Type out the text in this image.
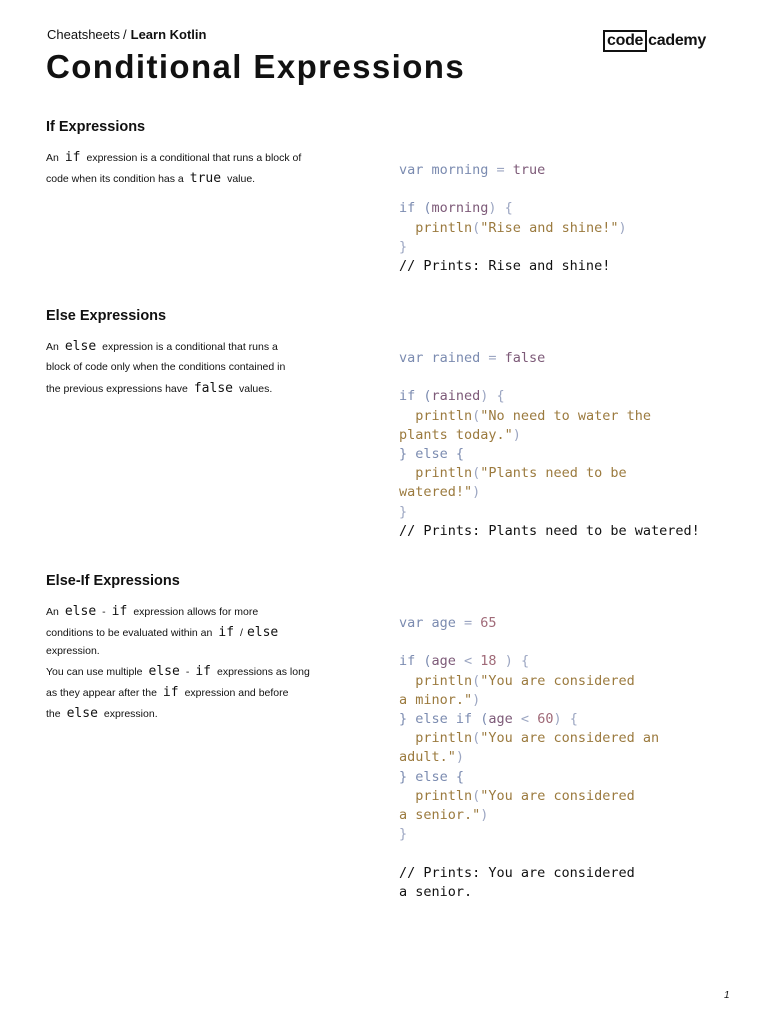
Cheatsheets / Learn Kotlin	code cademy
Conditional Expressions
If Expressions

An if expression is a conditional that runs a block of
code when its condition has a true value.

var morning = true

if (morning) {
println("Rise and shine!")
}
// Prints: Rise and shine!
Else Expressions

An else expression is a conditional that runs a
block of code only when the conditions contained in
the previous expressions have false values.

var rained = false

if (rained) {
println("No need to water the
plants today.")
} else {
println("Plants need to be
watered!")
}
// Prints: Plants need to be watered!
Else-If Expressions

An else - if expression allows for more
conditions to be evaluated within an if / else
expression.
You can use multiple else - if expressions as long
as they appear after the if expression and before
the else expression.

var age = 65

if (age < 18 ) {
println("You are considered
a minor.")
} else if (age < 60) {
println("You are considered an
adult.")
} else {
println("You are considered
a senior.")
}

// Prints: You are considered
a senior.
1
